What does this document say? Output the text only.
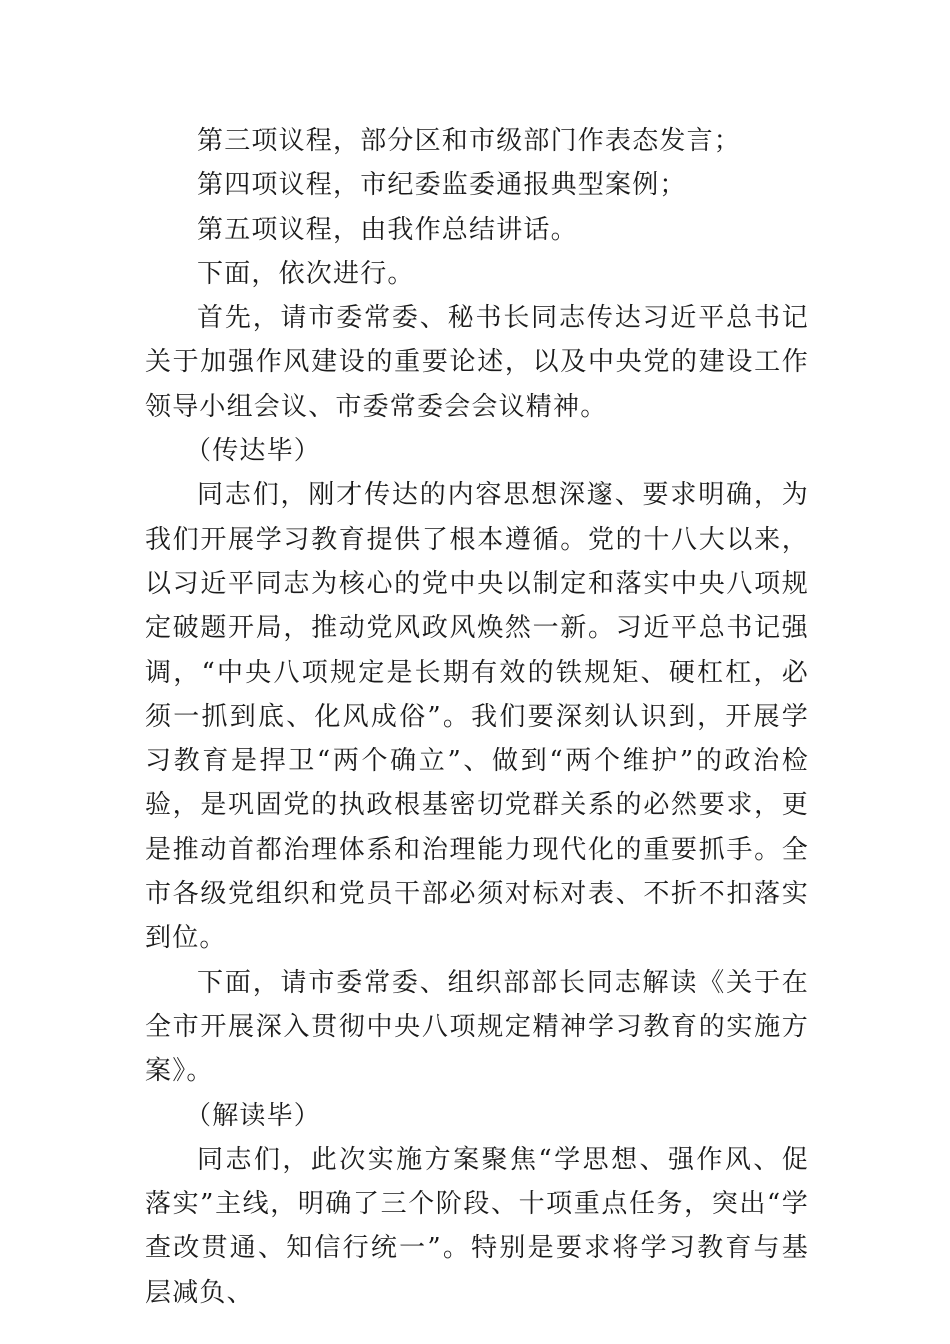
第三项议程，部分区和市级部门作表态发言；

第四项议程，市纪委监委通报典型案例；

第五项议程，由我作总结讲话。

下面，依次进行。

首先，请市委常委、秘书长同志传达习近平总书记关于加强作风建设的重要论述，以及中央党的建设工作领导小组会议、市委常委会会议精神。

（传达毕）

同志们，刚才传达的内容思想深邃、要求明确，为我们开展学习教育提供了根本遵循。党的十八大以来，以习近平同志为核心的党中央以制定和落实中央八项规定破题开局，推动党风政风焕然一新。习近平总书记强调，“中央八项规定是长期有效的铁规矩、硬杠杠，必须一抓到底、化风成俗”。我们要深刻认识到，开展学习教育是捍卫“两个确立”、做到“两个维护”的政治检验，是巩固党的执政根基密切党群关系的必然要求，更是推动首都治理体系和治理能力现代化的重要抓手。全市各级党组织和党员干部必须对标对表、不折不扣落实到位。

下面，请市委常委、组织部部长同志解读《关于在全市开展深入贯彻中央八项规定精神学习教育的实施方案》。

（解读毕）

同志们，此次实施方案聚焦“学思想、强作风、促落实”主线，明确了三个阶段、十项重点任务，突出“学查改贯通、知信行统一”。特别是要求将学习教育与基层减负、
